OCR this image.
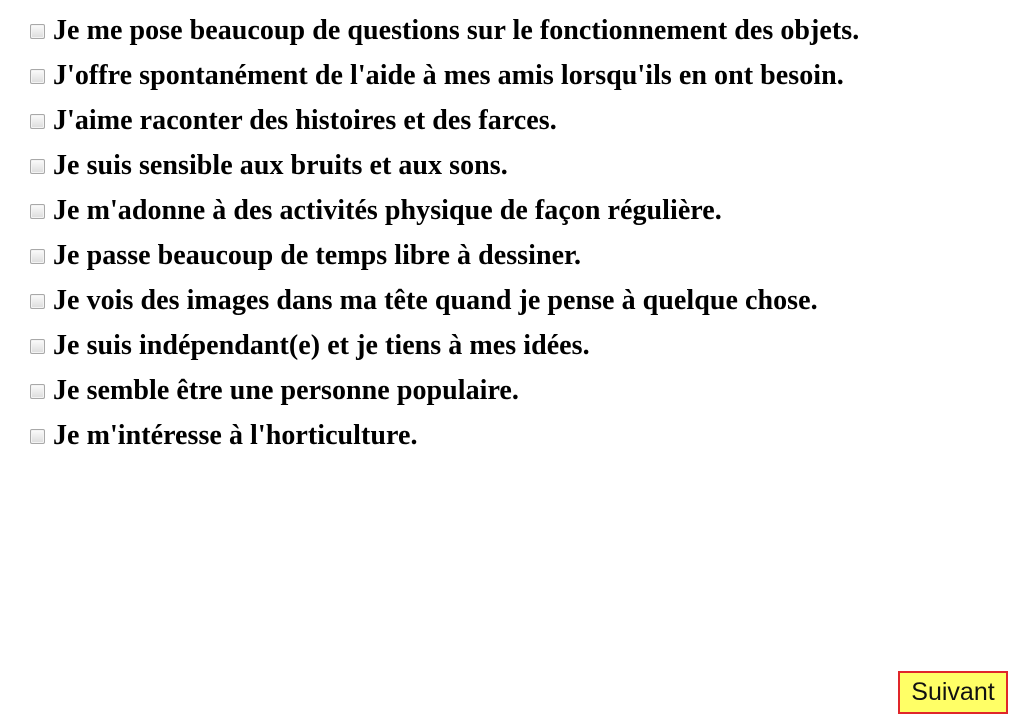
Je me pose beaucoup de questions sur le fonctionnement des objets.
J'offre spontanément de l'aide à mes amis lorsqu'ils en ont besoin.
J'aime raconter des histoires et des farces.
Je suis sensible aux bruits et aux sons.
Je m'adonne à des activités physique de façon régulière.
Je passe beaucoup de temps libre à dessiner.
Je vois des images dans ma tête quand je pense à quelque chose.
Je suis indépendant(e) et je tiens à mes idées.
Je semble être une personne populaire.
Je m'intéresse à l'horticulture.
Suivant
